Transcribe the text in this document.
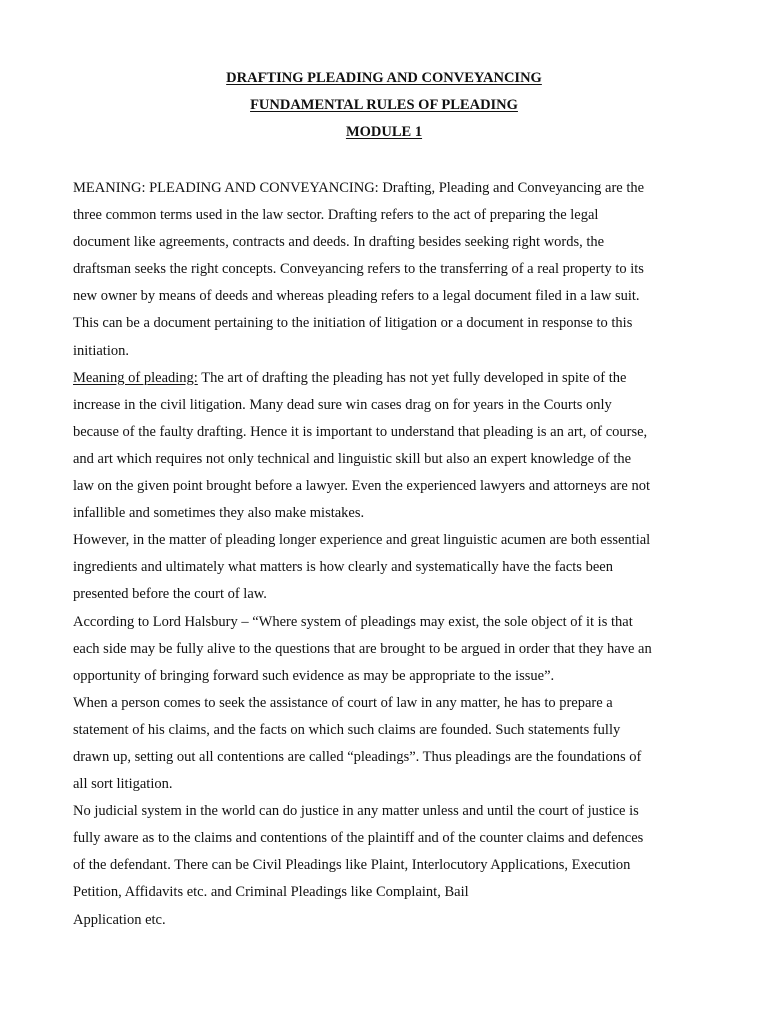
DRAFTING PLEADING AND CONVEYANCING

FUNDAMENTAL RULES OF PLEADING

MODULE 1

MEANING: PLEADING AND CONVEYANCING: Drafting, Pleading and Conveyancing are the
three common terms used in the law sector. Drafting refers to the act of preparing the legal
document like agreements, contracts and deeds. In drafting besides seeking right words, the
draftsman seeks the right concepts. Conveyancing refers to the transferring of a real property to its
new owner by means of deeds and whereas pleading refers to a legal document filed in a law suit.
This can be a document pertaining to the initiation of litigation or a document in response to this
initiation.
Meaning of pleading: The art of drafting the pleading has not yet fully developed in spite of the
increase in the civil litigation. Many dead sure win cases drag on for years in the Courts only
because of the faulty drafting. Hence it is important to understand that pleading is an art, of course,
and art which requires not only technical and linguistic skill but also an expert knowledge of the
law on the given point brought before a lawyer. Even the experienced lawyers and attorneys are not
infallible and sometimes they also make mistakes.
However, in the matter of pleading longer experience and great linguistic acumen are both essential
ingredients and ultimately what matters is how clearly and systematically have the facts been
presented before the court of law.
According to Lord Halsbury – “Where system of pleadings may exist, the sole object of it is that
each side may be fully alive to the questions that are brought to be argued in order that they have an
opportunity of bringing forward such evidence as may be appropriate to the issue”.
When a person comes to seek the assistance of court of law in any matter, he has to prepare a
statement of his claims, and the facts on which such claims are founded. Such statements fully
drawn up, setting out all contentions are called “pleadings”. Thus pleadings are the foundations of
all sort litigation.
No judicial system in the world can do justice in any matter unless and until the court of justice is
fully aware as to the claims and contentions of the plaintiff and of the counter claims and defences
of the defendant. There can be Civil Pleadings like Plaint, Interlocutory Applications, Execution
Petition, Affidavits etc. and Criminal Pleadings like Complaint, Bail
Application etc.
